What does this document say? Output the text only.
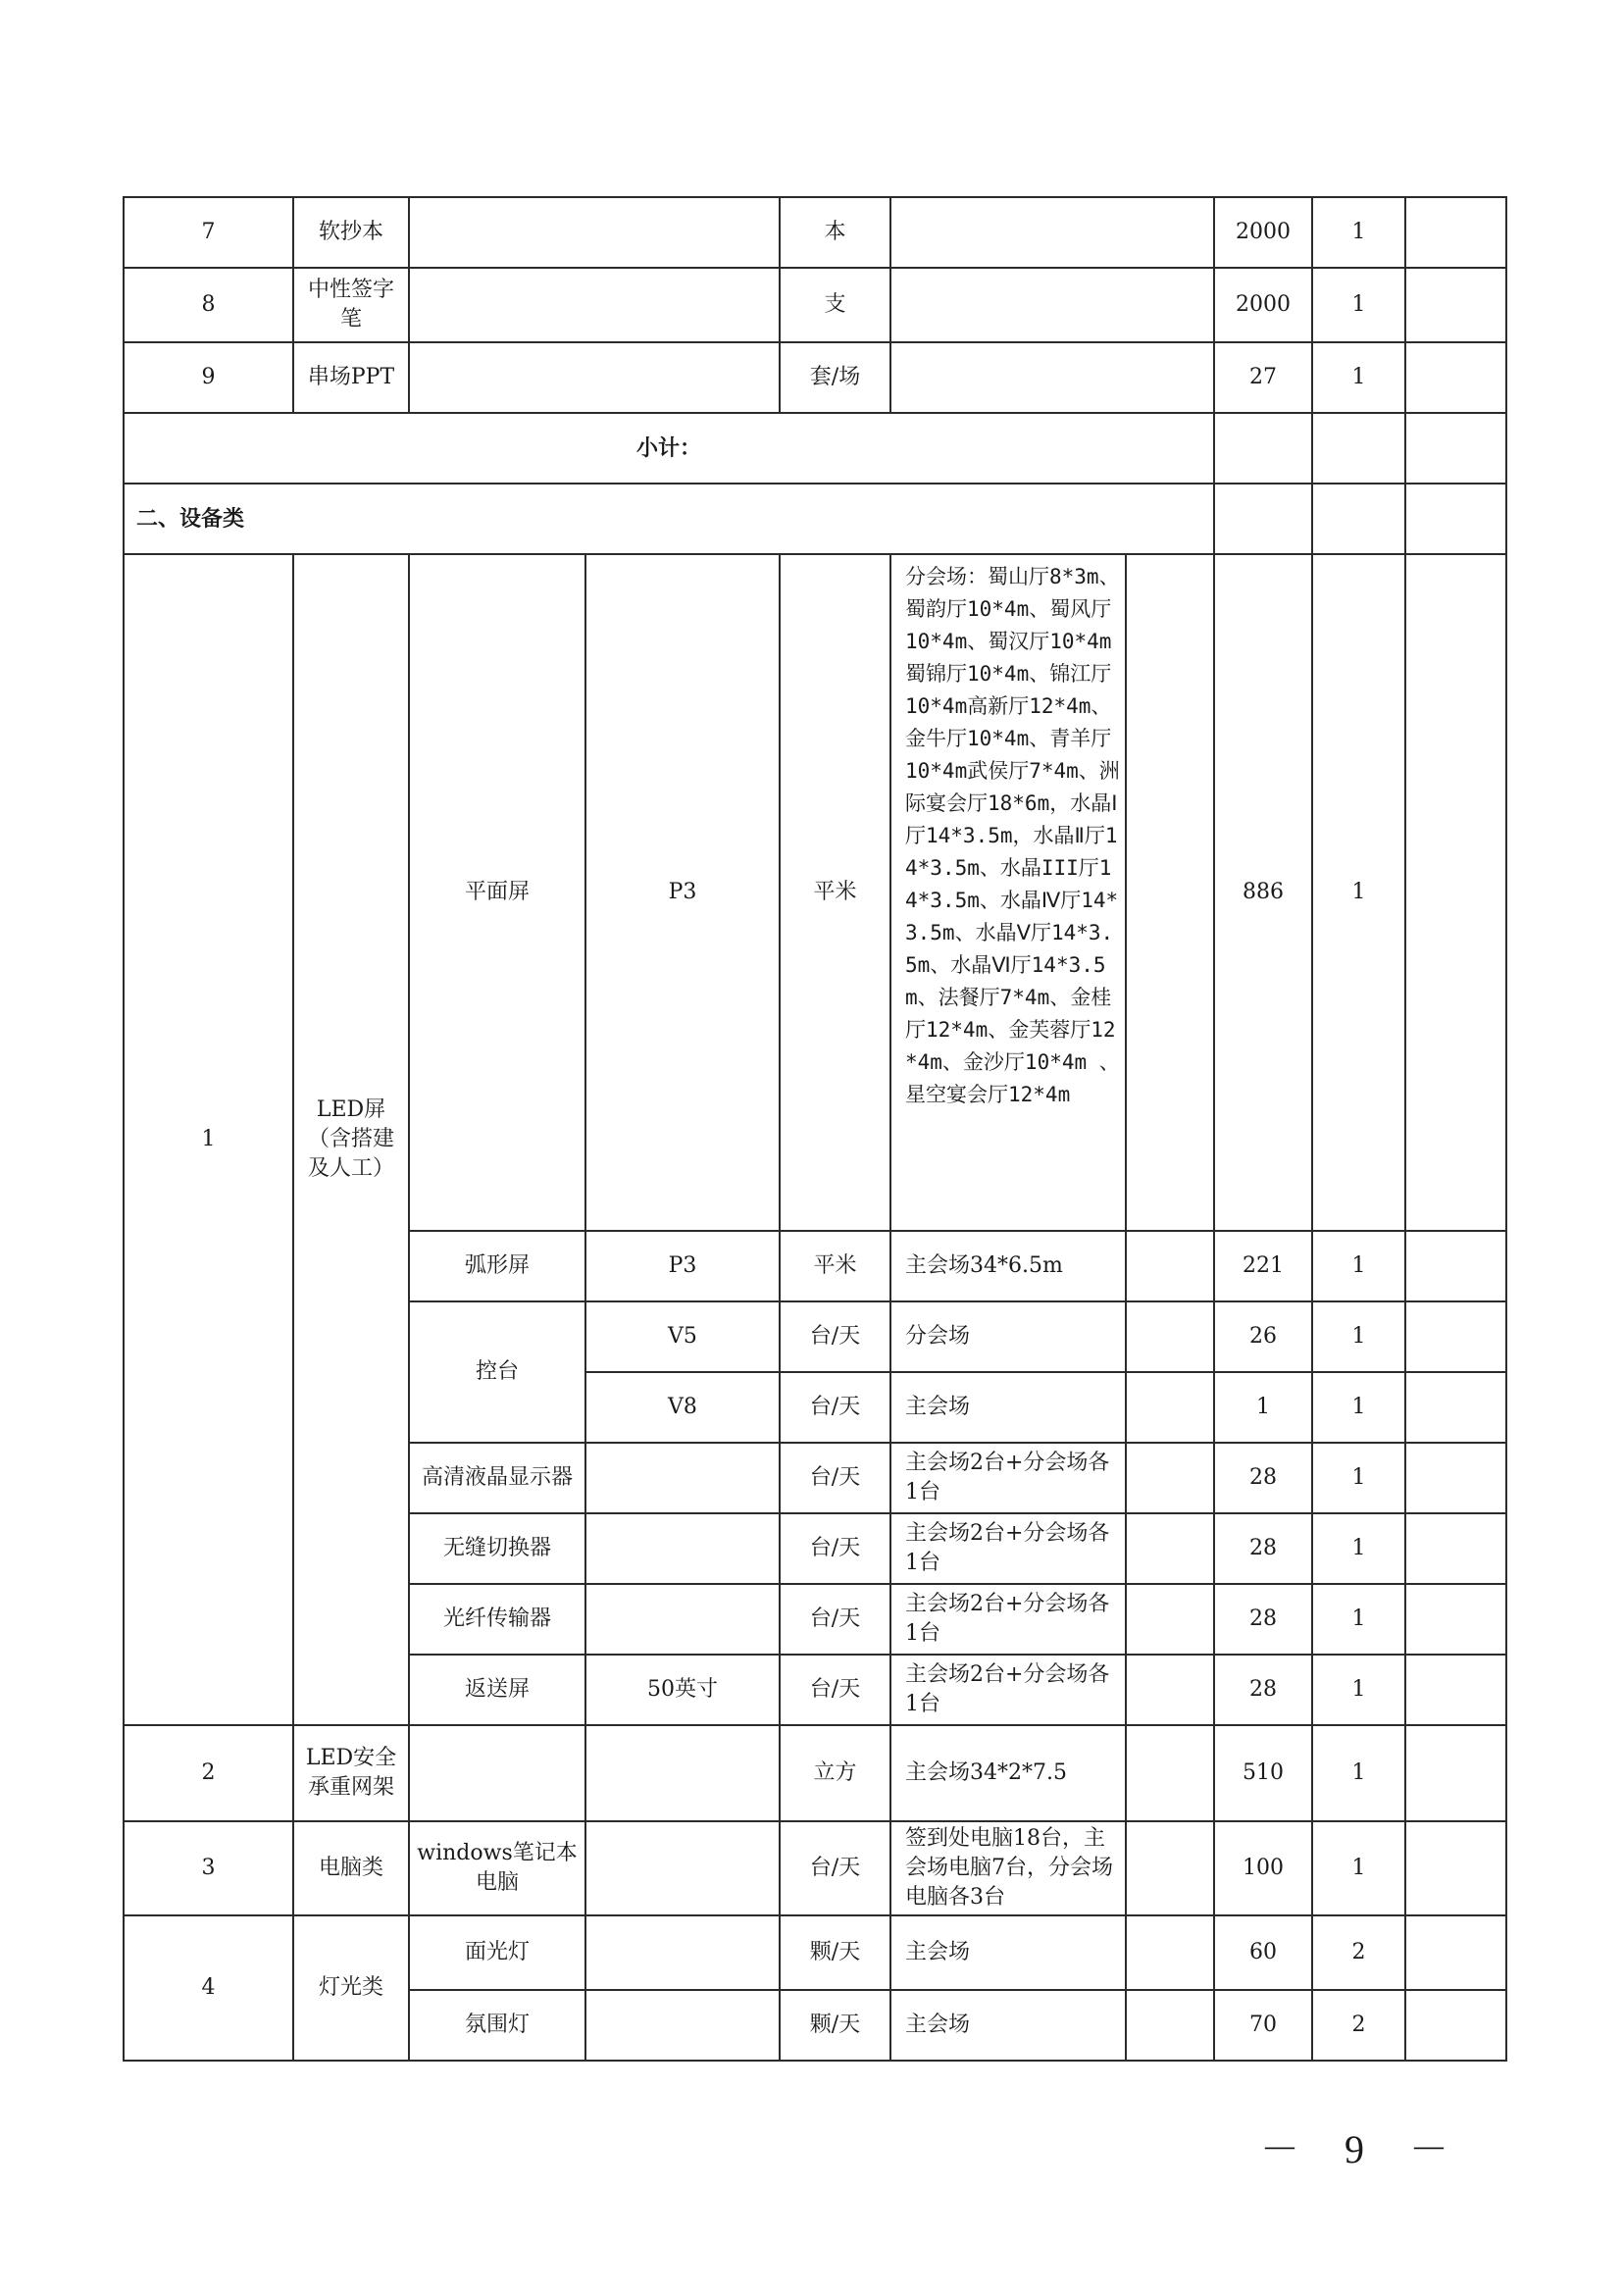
7	软抄本			本			2000	1	
8	中性签字笔			支			2000	1	
9	串场PPT			套/场			27	1	
小计：									
二、设备类									
1	LED屏（含搭建及人工）	平面屏	P3	平米	分会场：蜀山厅8*3m、蜀韵厅10*4m、蜀风厅10*4m、蜀汉厅10*4m蜀锦厅10*4m、锦江厅10*4m高新厅12*4m、金牛厅10*4m、青羊厅10*4m武侯厅7*4m、洲际宴会厅18*6m，水晶Ⅰ厅14*3.5m，水晶Ⅱ厅14*3.5m、水晶III厅14*3.5m、水晶Ⅳ厅14*3.5m、水晶Ⅴ厅14*3.5m、水晶Ⅵ厅14*3.5m、法餐厅7*4m、金桂厅12*4m、金芙蓉厅12*4m、金沙厅10*4m 、星空宴会厅12*4m		886	1	
		弧形屏	P3	平米	主会场34*6.5m		221	1	
		控台	V5	台/天	分会场		26	1	
			V8	台/天	主会场		1	1	
		高清液晶显示器		台/天	主会场2台+分会场各1台		28	1	
		无缝切换器		台/天	主会场2台+分会场各1台		28	1	
		光纤传输器		台/天	主会场2台+分会场各1台		28	1	
		返送屏	50英寸	台/天	主会场2台+分会场各1台		28	1	
2	LED安全承重网架			立方	主会场34*2*7.5		510	1	
3	电脑类	windows笔记本电脑		台/天	签到处电脑18台，主会场电脑7台，分会场电脑各3台		100	1	
4	灯光类	面光灯		颗/天	主会场		60	2	
		氛围灯		颗/天	主会场		70	2	
－ 9 －
